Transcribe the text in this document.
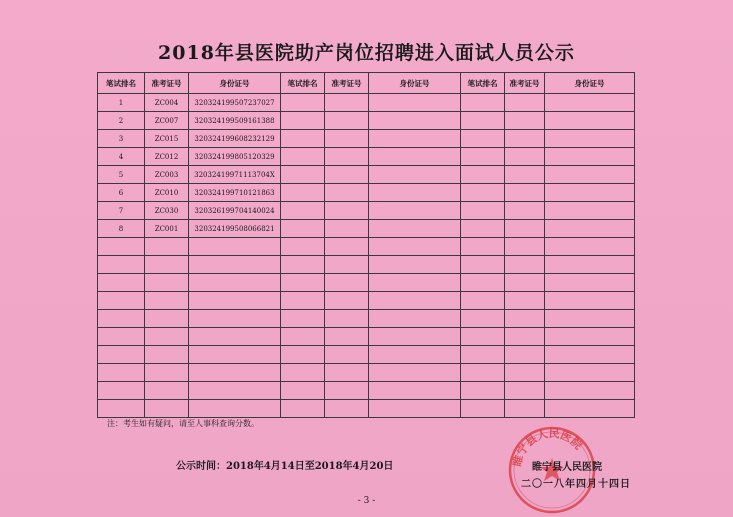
2018年县医院助产岗位招聘进入面试人员公示
笔试排名	准考证号	身份证号	笔试排名	准考证号	身份证号	笔试排名	准考证号	身份证号
1	ZC004	320324199507237027						
2	ZC007	320324199509161388						
3	ZC015	320324199608232129						
4	ZC012	320324199805120329						
5	ZC003	32032419971113704X						
6	ZC010	320324199710121863						
7	ZC030	320326199704140024						
8	ZC001	320324199508066821						

注：考生如有疑问，请至人事科查询分数。
公示时间：2018年4月14日至2018年4月20日	睢宁县人民医院
睢宁县人民医院
二〇一八年四月十四日
- 3 -
